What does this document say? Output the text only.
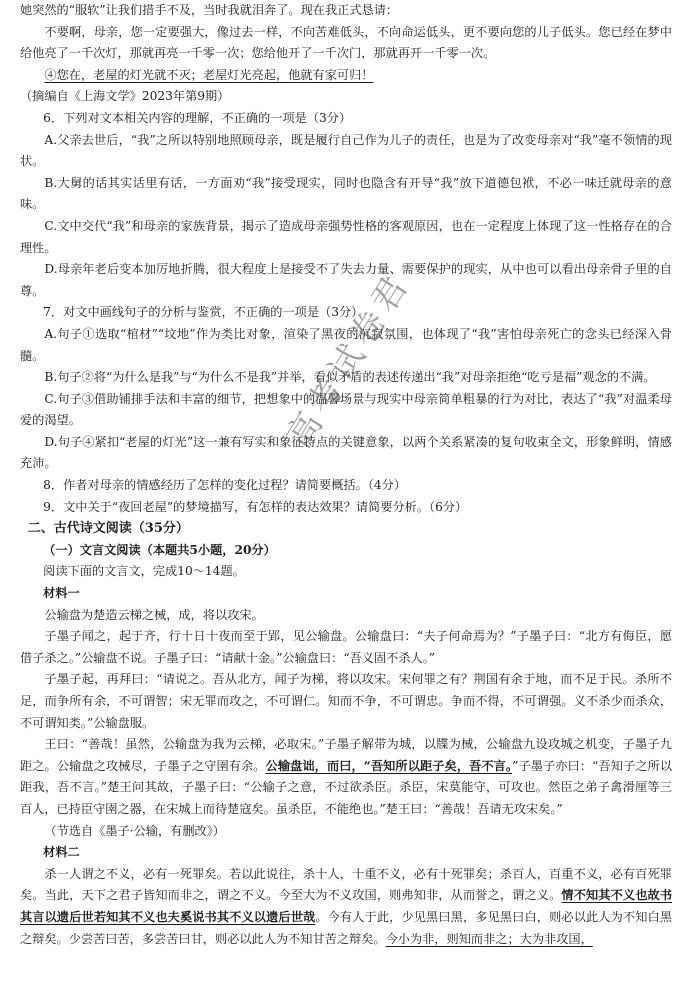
她突然的“服软”让我们措手不及，当时我就泪奔了。现在我正式恳请：

不要啊，母亲，您一定要强大，像过去一样，不向苦难低头，不向命运低头，更不要向您的儿子低头。您已经在梦中给他亮了一千次灯，那就再亮一千零一次；您给他开了一千次门，那就再开一千零一次。

④您在，老屋的灯光就不灭；老屋灯光亮起，他就有家可归！

（摘编自《上海文学》2023年第9期）

6．下列对文本相关内容的理解，不正确的一项是（3分）

A.父亲去世后，“我”之所以特别地照顾母亲，既是履行自己作为儿子的责任，也是为了改变母亲对“我”毫不领情的现状。

B.大舅的话其实话里有话，一方面劝“我”接受现实，同时也隐含有开导“我”放下道德包袱，不必一味迁就母亲的意味。

C.文中交代“我”和母亲的家族背景，揭示了造成母亲强势性格的客观原因，也在一定程度上体现了这一性格存在的合理性。

D.母亲年老后变本加厉地折腾，很大程度上是接受不了失去力量、需要保护的现实，从中也可以看出母亲骨子里的自尊。

7．对文中画线句子的分析与鉴赏，不正确的一项是（3分）

A.句子①选取“棺材”“坟地”作为类比对象，渲染了黑夜的沉寂氛围，也体现了“我”害怕母亲死亡的念头已经深入骨髓。

B.句子②将“为什么是我”与“为什么不是我”并举，看似矛盾的表述传递出“我”对母亲拒绝“吃亏是福”观念的不满。

C.句子③借助铺排手法和丰富的细节，把想象中的温馨场景与现实中母亲简单粗暴的行为对比，表达了“我”对温柔母爱的渴望。

D.句子④紧扣“老屋的灯光”这一兼有写实和象征特点的关键意象，以两个关系紧凑的复句收束全文，形象鲜明，情感充沛。

8．作者对母亲的情感经历了怎样的变化过程？请简要概括。（4分）

9．文中关于“夜回老屋”的梦境描写，有怎样的表达效果？请简要分析。（6分）

二、古代诗文阅读（35分）

（一）文言文阅读（本题共5小题，20分）

阅读下面的文言文，完成10～14题。

材料一

公输盘为楚造云梯之械，成，将以攻宋。

子墨子闻之，起于齐，行十日十夜而至于郢，见公输盘。公输盘曰：“夫子何命焉为？”子墨子曰：“北方有侮臣，愿借子杀之。”公输盘不说。子墨子曰：“请献十金。”公输盘曰：“吾义固不杀人。”

子墨子起，再拜曰：“请说之。吾从北方，闻子为梯，将以攻宋。宋何罪之有？荆国有余于地，而不足于民。杀所不足，而争所有余，不可谓智；宋无罪而攻之，不可谓仁。知而不争，不可谓忠。争而不得，不可谓强。义不杀少而杀众，不可谓知类。”公输盘服。

王曰：“善哉！虽然，公输盘为我为云梯，必取宋。”子墨子解带为城，以牒为械，公输盘九设攻城之机变，子墨子九距之。公输盘之攻械尽，子墨子之守圉有余。公输盘诎，而曰，“吾知所以距子矣，吾不言。”子墨子亦曰：“吾知子之所以距我，吾不言。”楚王问其故，子墨子曰：“公输子之意，不过欲杀臣。杀臣，宋莫能守，可攻也。然臣之弟子禽滑厘等三百人，已持臣守圉之器，在宋城上而待楚寇矣。虽杀臣，不能绝也。”楚王曰：“善哉！吾请无攻宋矣。”

（节选自《墨子·公输，有删改》）

材料二

杀一人谓之不义，必有一死罪矣。若以此说往，杀十人，十重不义，必有十死罪矣；杀百人，百重不义，必有百死罪矣。当此，天下之君子皆知而非之，谓之不义。今至大为不义攻国，则弗知非，从而誉之，谓之义。情不知其不义也故书其言以遗后世若知其不义也夫奚说书其不义以遗后世哉。今有人于此，少见黑曰黑，多见黑曰白，则必以此人为不知白黑之辩矣。少尝苦曰苦，多尝苦曰甘，则必以此人为不知甘苦之辩矣。今小为非，则知而非之；大为非攻国，

高考试卷君
